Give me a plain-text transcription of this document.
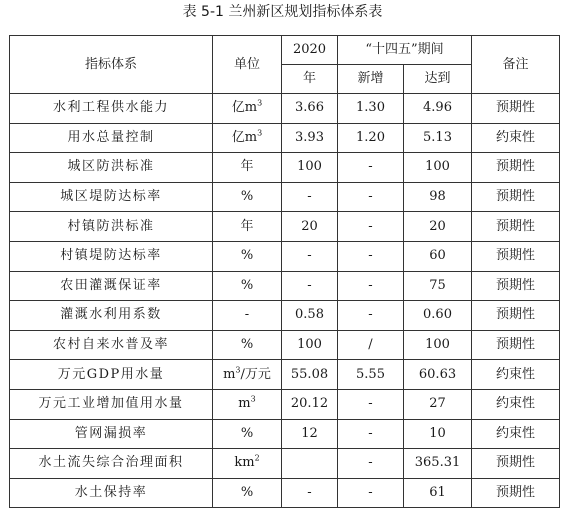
表 5-1 兰州新区规划指标体系表
指标体系	单位	2020	“十四五”期间		备注
		年	新增	达到	
水利工程供水能力	亿$m^3$	3.66	1.30	4.96	预期性
用水总量控制	亿$m^3$	3.93	1.20	5.13	约束性
城区防洪标准	年	100	-	100	预期性
城区堤防达标率	%	-	-	98	预期性
村镇防洪标准	年	20	-	20	预期性
村镇堤防达标率	%	-	-	60	预期性
农田灌溉保证率	%	-	-	75	预期性
灌溉水利用系数	-	0.58	-	0.60	预期性
农村自来水普及率	%	100	/	100	预期性
万元GDP用水量	$m^3/$万元	55.08	5.55	60.63	约束性
万元工业增加值用水量	$m^3$	20.12	-	27	约束性
管网漏损率	%	12	-	10	约束性
水土流失综合治理面积	$km^2$		-	365.31	预期性
水土保持率	%	-	-	61	预期性
